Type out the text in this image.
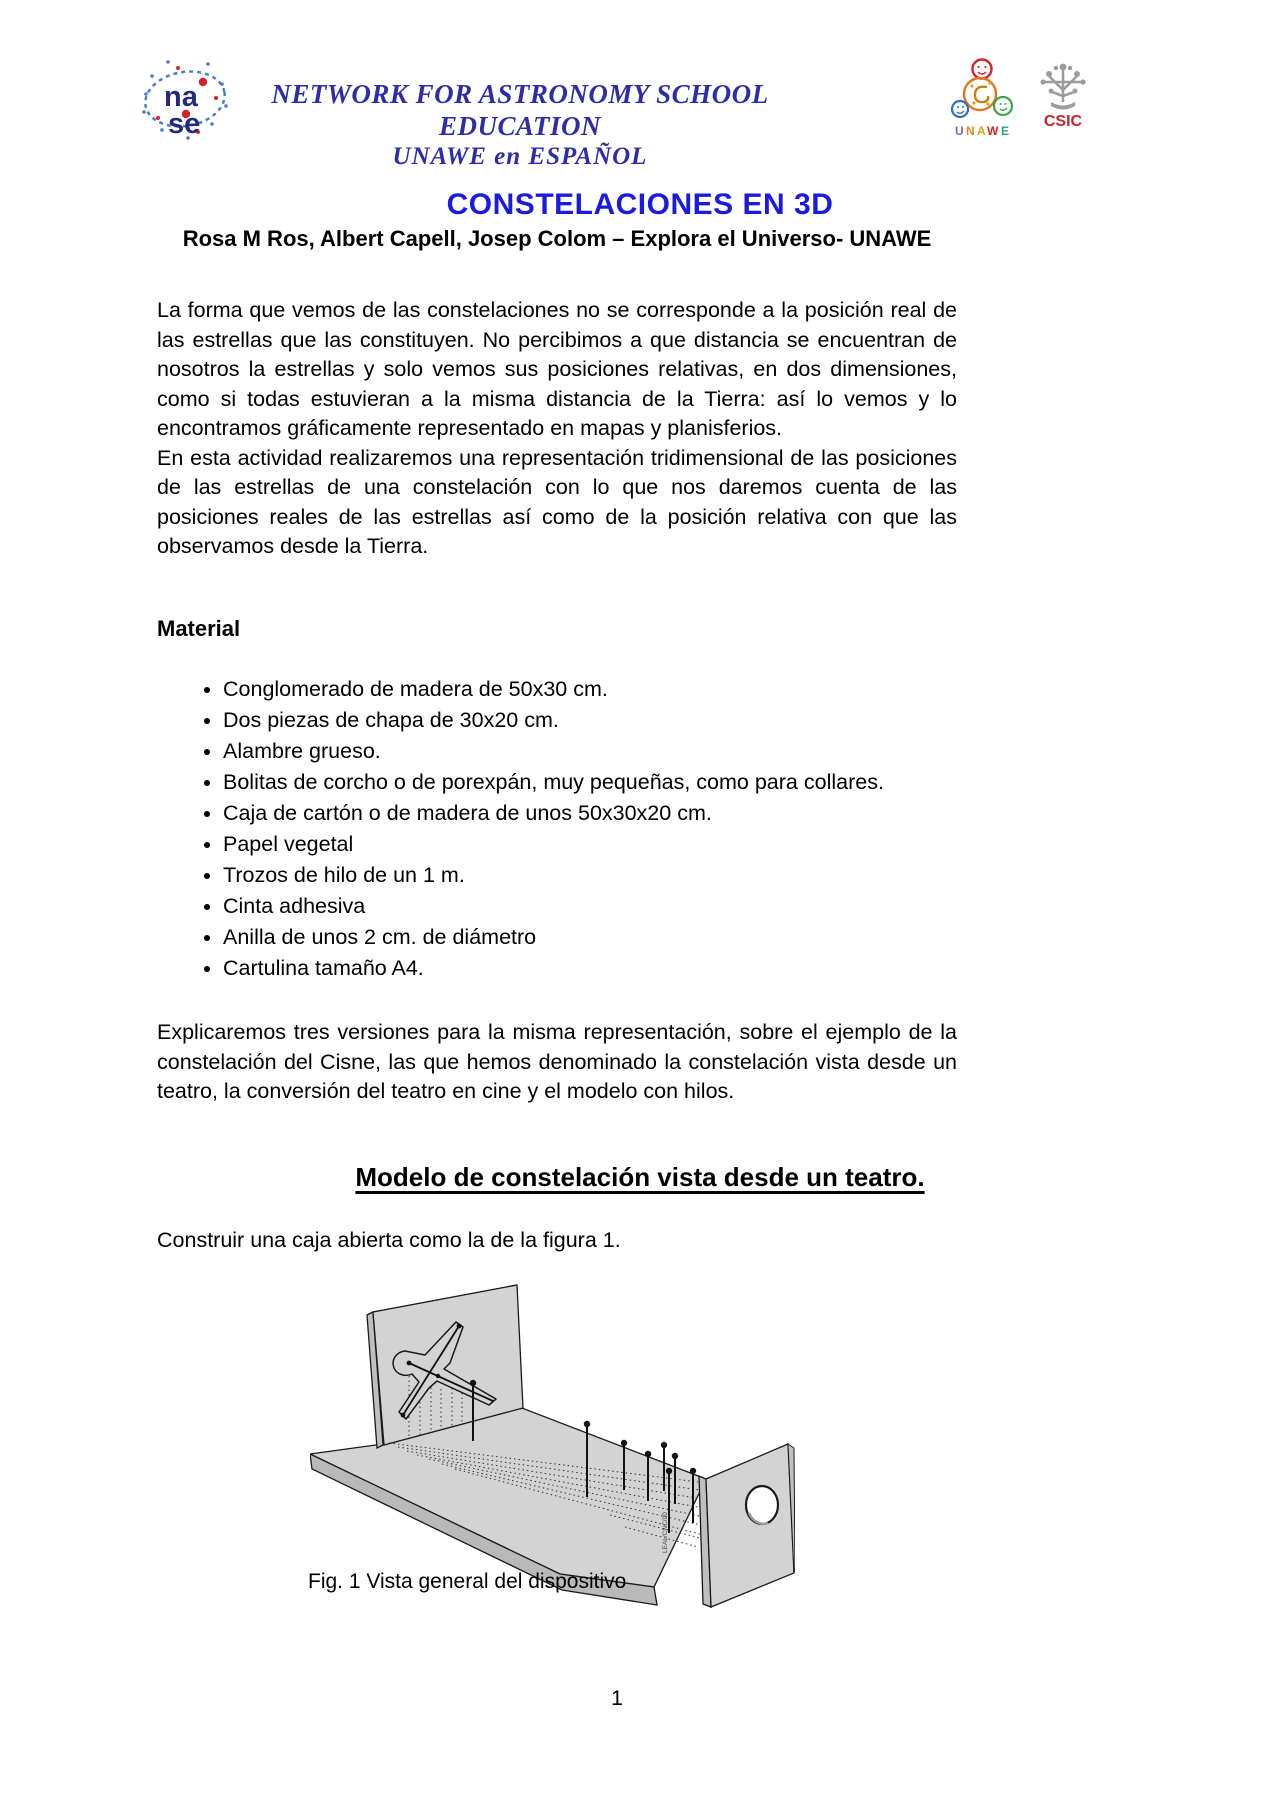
na
se
NETWORK FOR ASTRONOMY SCHOOL EDUCATION
UNAWE en ESPAÑOL
U N A W E
CSIC
CONSTELACIONES EN 3D
Rosa M Ros, Albert Capell, Josep Colom – Explora el Universo- UNAWE

La forma que vemos de las constelaciones no se corresponde a la posición real de las estrellas que las constituyen. No percibimos a que distancia se encuentran de nosotros la estrellas y solo vemos sus posiciones relativas, en dos dimensiones, como si todas estuvieran a la misma distancia de la Tierra: así lo vemos y lo encontramos gráficamente representado en mapas y planisferios.

En esta actividad realizaremos una representación tridimensional de las posiciones de las estrellas de una constelación con lo que nos daremos cuenta de las posiciones reales de las estrellas así como de la posición relativa con que las observamos desde la Tierra.

Material
• Conglomerado de madera de 50x30 cm.
• Dos piezas de chapa de 30x20 cm.
• Alambre grueso.
• Bolitas de corcho o de porexpán, muy pequeñas, como para collares.
• Caja de cartón o de madera de unos 50x30x20 cm.
• Papel vegetal
• Trozos de hilo de un 1 m.
• Cinta adhesiva
• Anilla de unos 2 cm. de diámetro
• Cartulina tamaño A4.
Explicaremos tres versiones para la misma representación, sobre el ejemplo de la constelación del Cisne, las que hemos denominado la constelación vista desde un teatro, la conversión del teatro en cine y el modelo con hilos.
Modelo de constelación vista desde un teatro.
Construir una caja abierta como la de la figura 1.
LEAL/CNC/00
Fig. 1 Vista general del dispositivo
1
